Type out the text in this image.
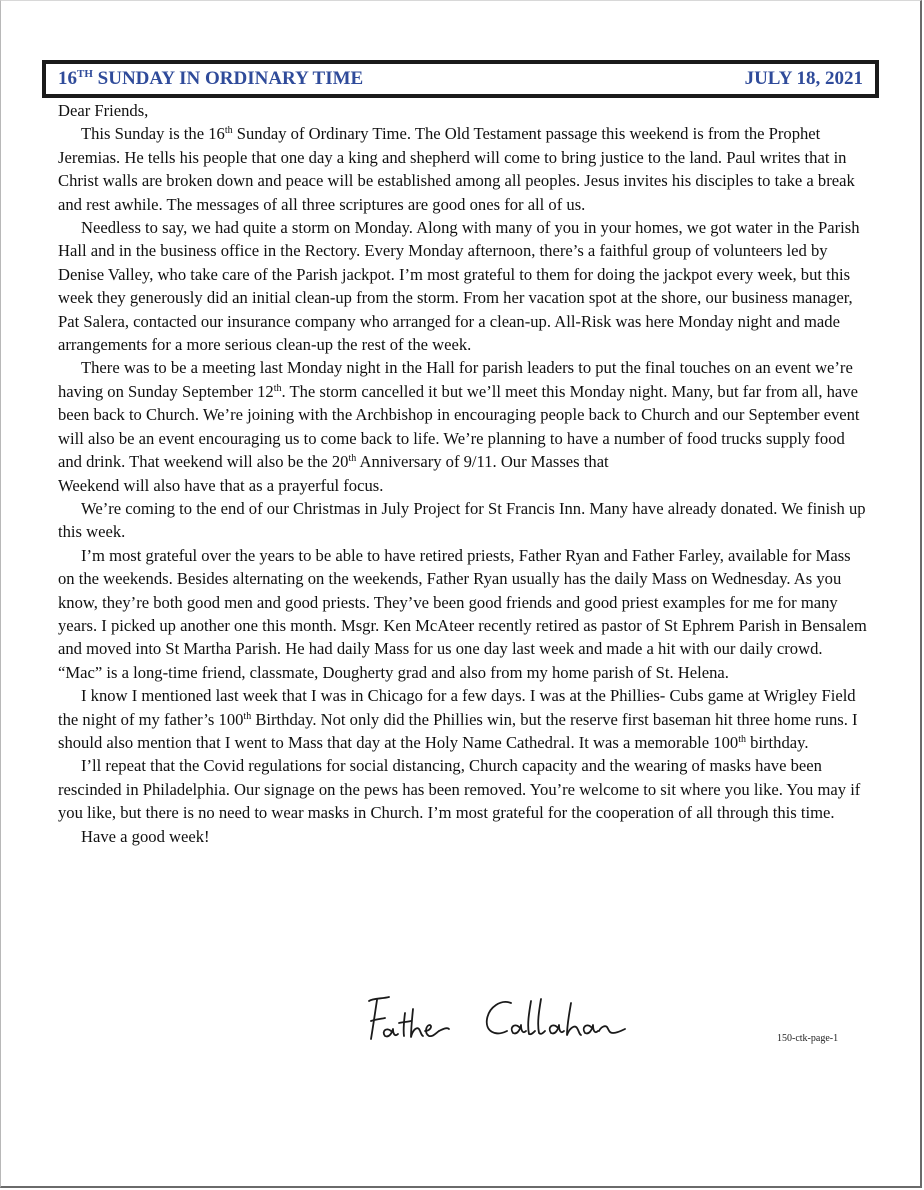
16TH SUNDAY IN ORDINARY TIME	JULY 18, 2021

Dear Friends,

This Sunday is the 16th Sunday of Ordinary Time. The Old Testament passage this weekend is from the Prophet Jeremias. He tells his people that one day a king and shepherd will come to bring justice to the land. Paul writes that in Christ walls are broken down and peace will be established among all peoples. Jesus invites his disciples to take a break and rest awhile. The messages of all three scriptures are good ones for all of us.

Needless to say, we had quite a storm on Monday. Along with many of you in your homes, we got water in the Parish Hall and in the business office in the Rectory. Every Monday afternoon, there’s a faithful group of volunteers led by Denise Valley, who take care of the Parish jackpot. I’m most grateful to them for doing the jackpot every week, but this week they generously did an initial clean-up from the storm. From her vacation spot at the shore, our business manager, Pat Salera, contacted our insurance company who arranged for a clean-up. All-Risk was here Monday night and made arrangements for a more serious clean-up the rest of the week.

There was to be a meeting last Monday night in the Hall for parish leaders to put the final touches on an event we’re having on Sunday September 12th. The storm cancelled it but we’ll meet this Monday night. Many, but far from all, have been back to Church. We’re joining with the Archbishop in encouraging people back to Church and our September event will also be an event encouraging us to come back to life. We’re planning to have a number of food trucks supply food and drink. That weekend will also be the 20th Anniversary of 9/11. Our Masses that

Weekend will also have that as a prayerful focus.

We’re coming to the end of our Christmas in July Project for St Francis Inn. Many have already donated. We finish up this week.

I’m most grateful over the years to be able to have retired priests, Father Ryan and Father Farley, available for Mass on the weekends. Besides alternating on the weekends, Father Ryan usually has the daily Mass on Wednesday. As you know, they’re both good men and good priests. They’ve been good friends and good priest examples for me for many years. I picked up another one this month. Msgr. Ken McAteer recently retired as pastor of St Ephrem Parish in Bensalem and moved into St Martha Parish. He had daily Mass for us one day last week and made a hit with our daily crowd. “Mac” is a long-time friend, classmate, Dougherty grad and also from my home parish of St. Helena.

I know I mentioned last week that I was in Chicago for a few days. I was at the Phillies- Cubs game at Wrigley Field the night of my father’s 100th Birthday. Not only did the Phillies win, but the reserve first baseman hit three home runs. I should also mention that I went to Mass that day at the Holy Name Cathedral. It was a memorable 100th birthday.

I’ll repeat that the Covid regulations for social distancing, Church capacity and the wearing of masks have been rescinded in Philadelphia. Our signage on the pews has been removed. You’re welcome to sit where you like. You may if you like, but there is no need to wear masks in Church. I’m most grateful for the cooperation of all through this time.

Have a good week!

150-ctk-page-1
